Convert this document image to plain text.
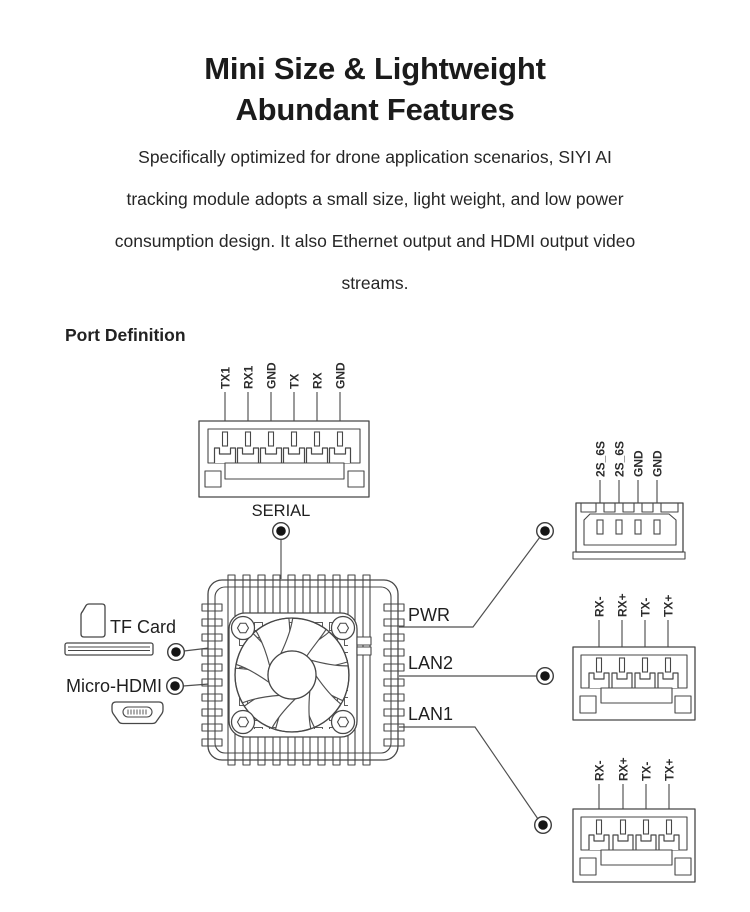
Mini Size & Lightweight
Abundant Features
Specifically optimized for drone application scenarios, SIYI AI
tracking module adopts a small size, light weight, and low power
consumption design. It also Ethernet output and HDMI output video
streams.
Port Definition
TX1 RX1 GND TX RX GND
SERIAL
2S_6S 2S_6S GND GND
RX- RX+ TX- TX+
RX- RX+ TX- TX+
TF Card
Micro-HDMI
PWR
LAN2
LAN1
